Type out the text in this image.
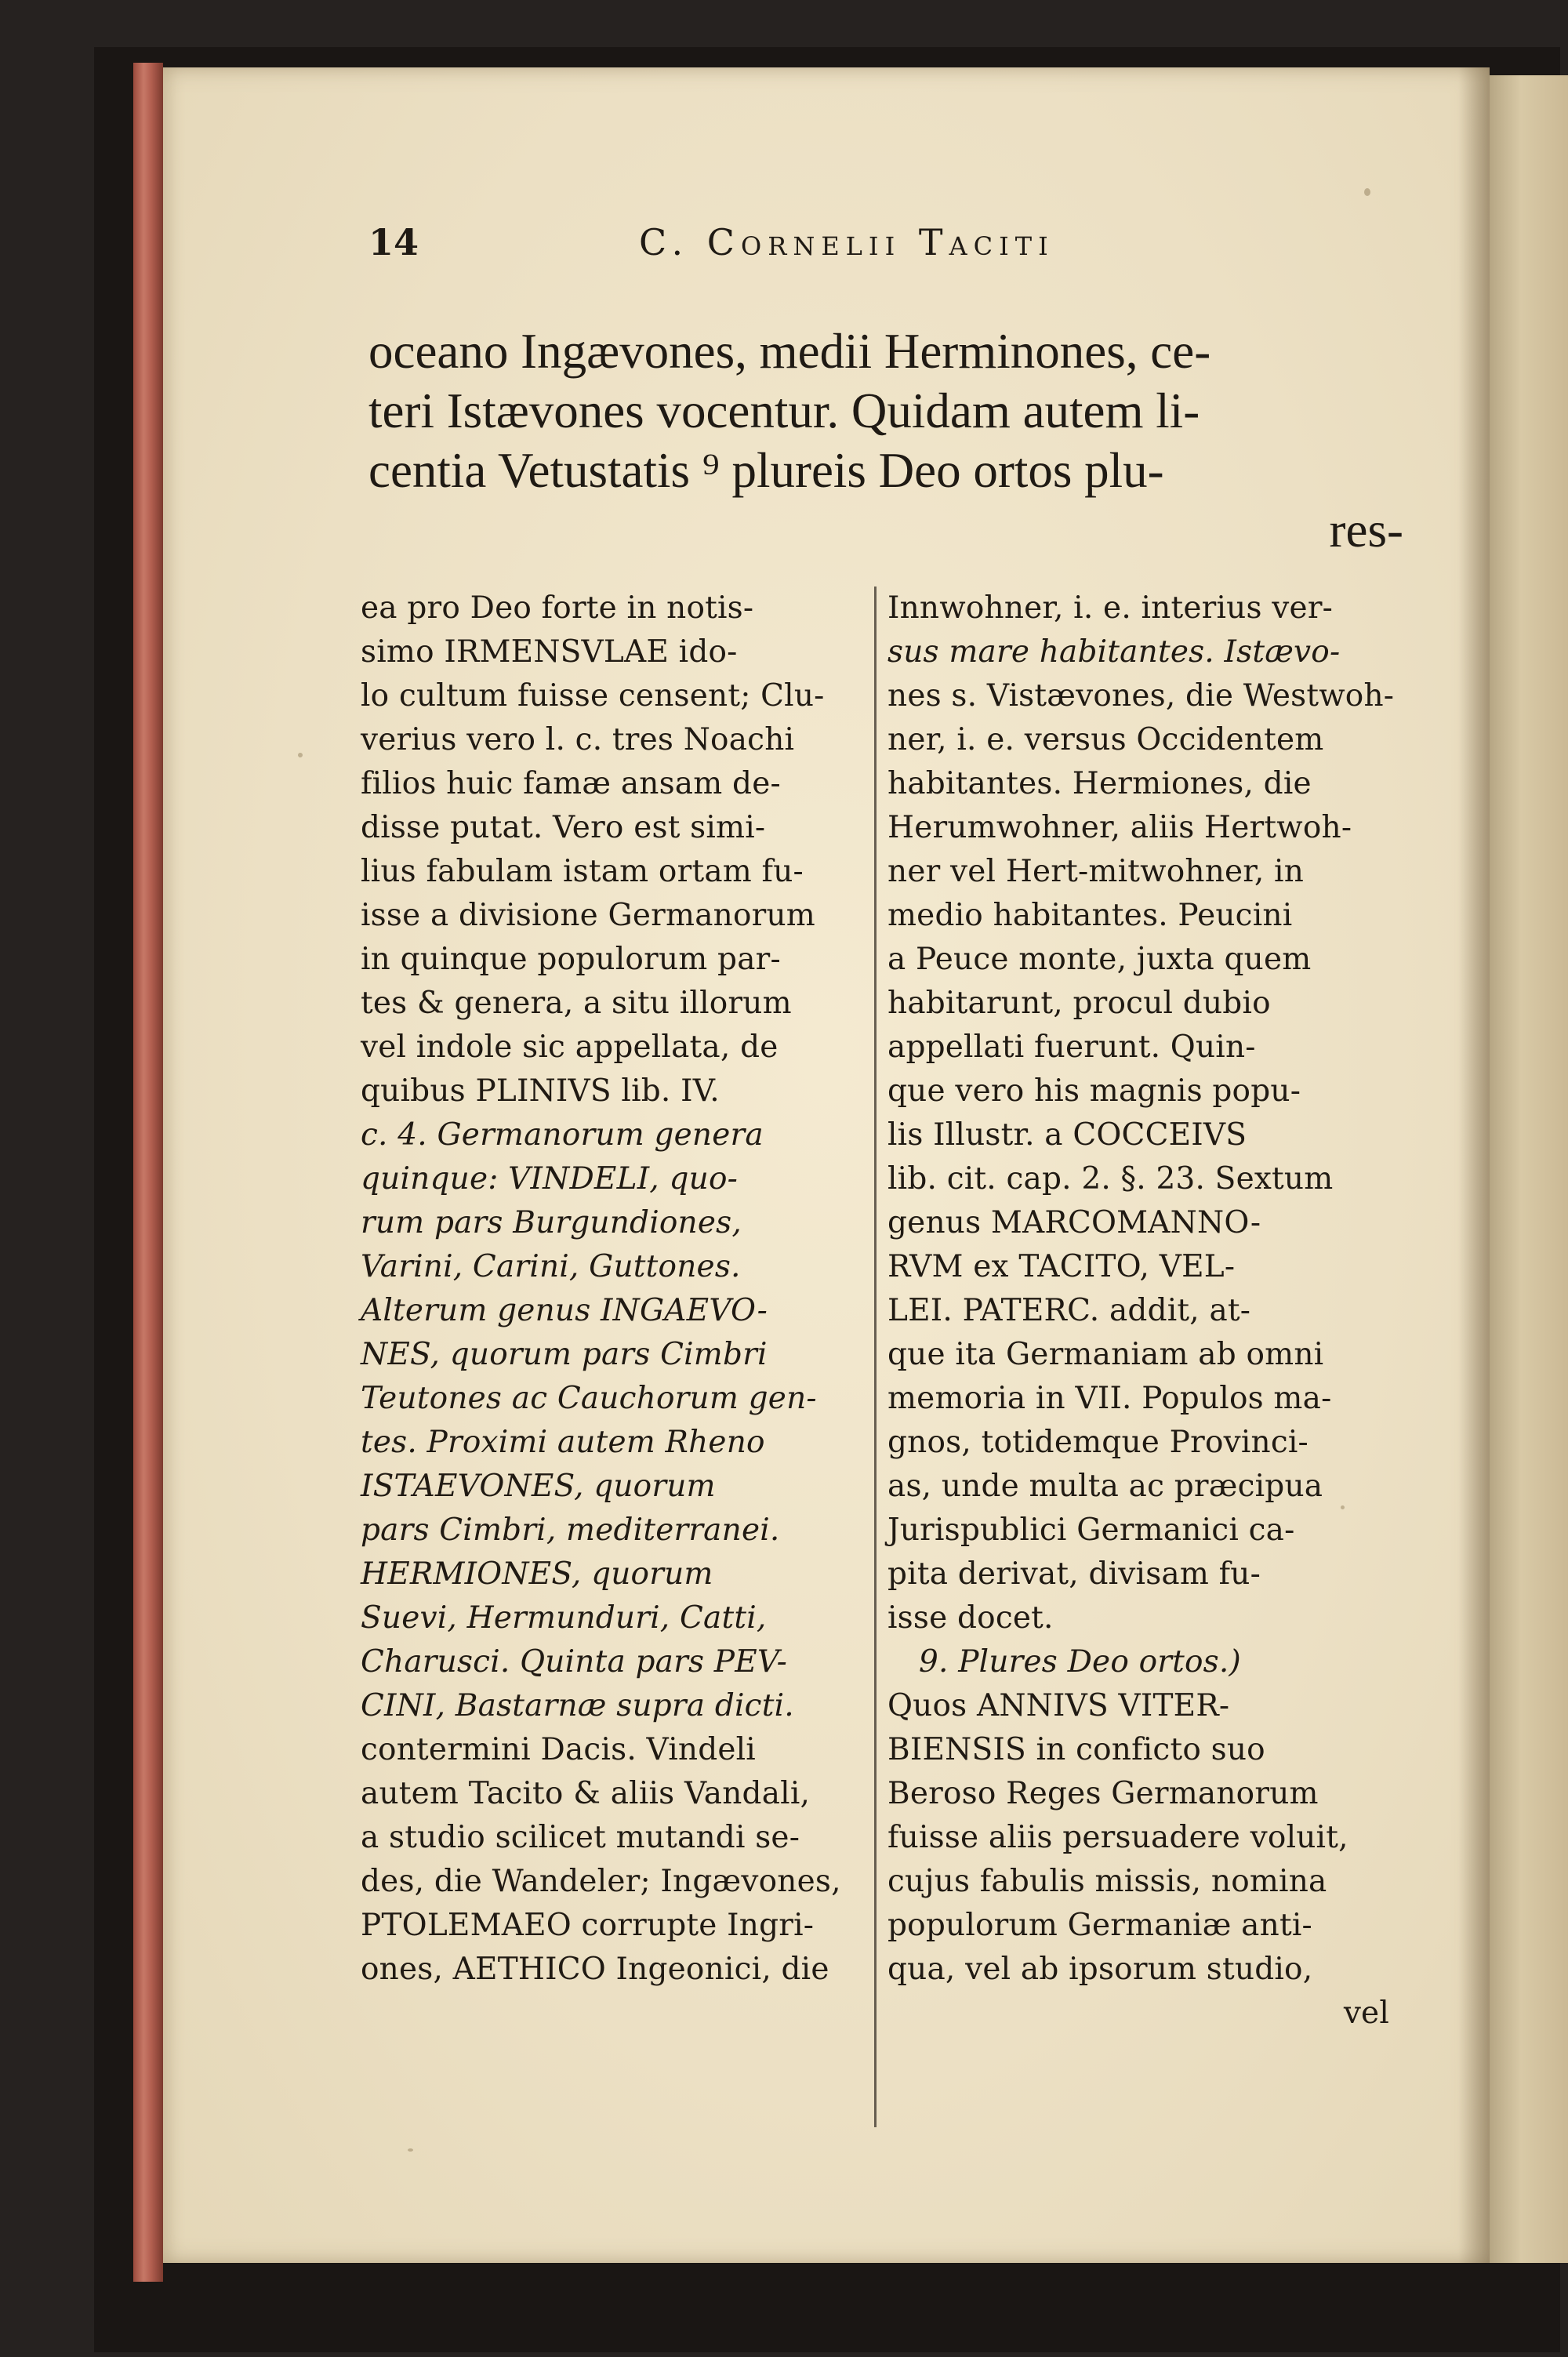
14	C. Cornelii Taciti
oceano Ingævones, medii Herminones, ce-
teri Istævones vocentur. Quidam autem li-
centia Vetustatis ⁹ plureis Deo ortos plu-
res-
ea pro Deo forte in notis-
simo IRMENSVLAE ido-
lo cultum fuisse censent; Clu-
verius vero l. c. tres Noachi
filios huic famæ ansam de-
disse putat. Vero est simi-
lius fabulam istam ortam fu-
isse a divisione Germanorum
in quinque populorum par-
tes & genera, a situ illorum
vel indole sic appellata, de
quibus PLINIVS lib. IV.
c. 4. Germanorum genera
quinque: VINDELI, quo-
rum pars Burgundiones,
Varini, Carini, Guttones.
Alterum genus INGAEVO-
NES, quorum pars Cimbri
Teutones ac Cauchorum gen-
tes. Proximi autem Rheno
ISTAEVONES, quorum
pars Cimbri, mediterranei.
HERMIONES, quorum
Suevi, Hermunduri, Catti,
Charusci. Quinta pars PEV-
CINI, Bastarnæ supra dicti.
contermini Dacis. Vindeli
autem Tacito & aliis Vandali,
a studio scilicet mutandi se-
des, die Wandeler; Ingævones,
PTOLEMAEO corrupte Ingri-
ones, AETHICO Ingeonici, die
Innwohner, i. e. interius ver-
sus mare habitantes. Istævo-
nes s. Vistævones, die Westwoh-
ner, i. e. versus Occidentem
habitantes. Hermiones, die
Herumwohner, aliis Hertwoh-
ner vel Hert-mitwohner, in
medio habitantes. Peucini
a Peuce monte, juxta quem
habitarunt, procul dubio
appellati fuerunt. Quin-
que vero his magnis popu-
lis Illustr. a COCCEIVS
lib. cit. cap. 2. §. 23. Sextum
genus MARCOMANNO-
RVM ex TACITO, VEL-
LEI. PATERC. addit, at-
que ita Germaniam ab omni
memoria in VII. Populos ma-
gnos, totidemque Provinci-
as, unde multa ac præcipua
Jurispublici Germanici ca-
pita derivat, divisam fu-
isse docet.
9. Plures Deo ortos.)
Quos ANNIVS VITER-
BIENSIS in conficto suo
Beroso Reges Germanorum
fuisse aliis persuadere voluit,
cujus fabulis missis, nomina
populorum Germaniæ anti-
qua, vel ab ipsorum studio,
vel
